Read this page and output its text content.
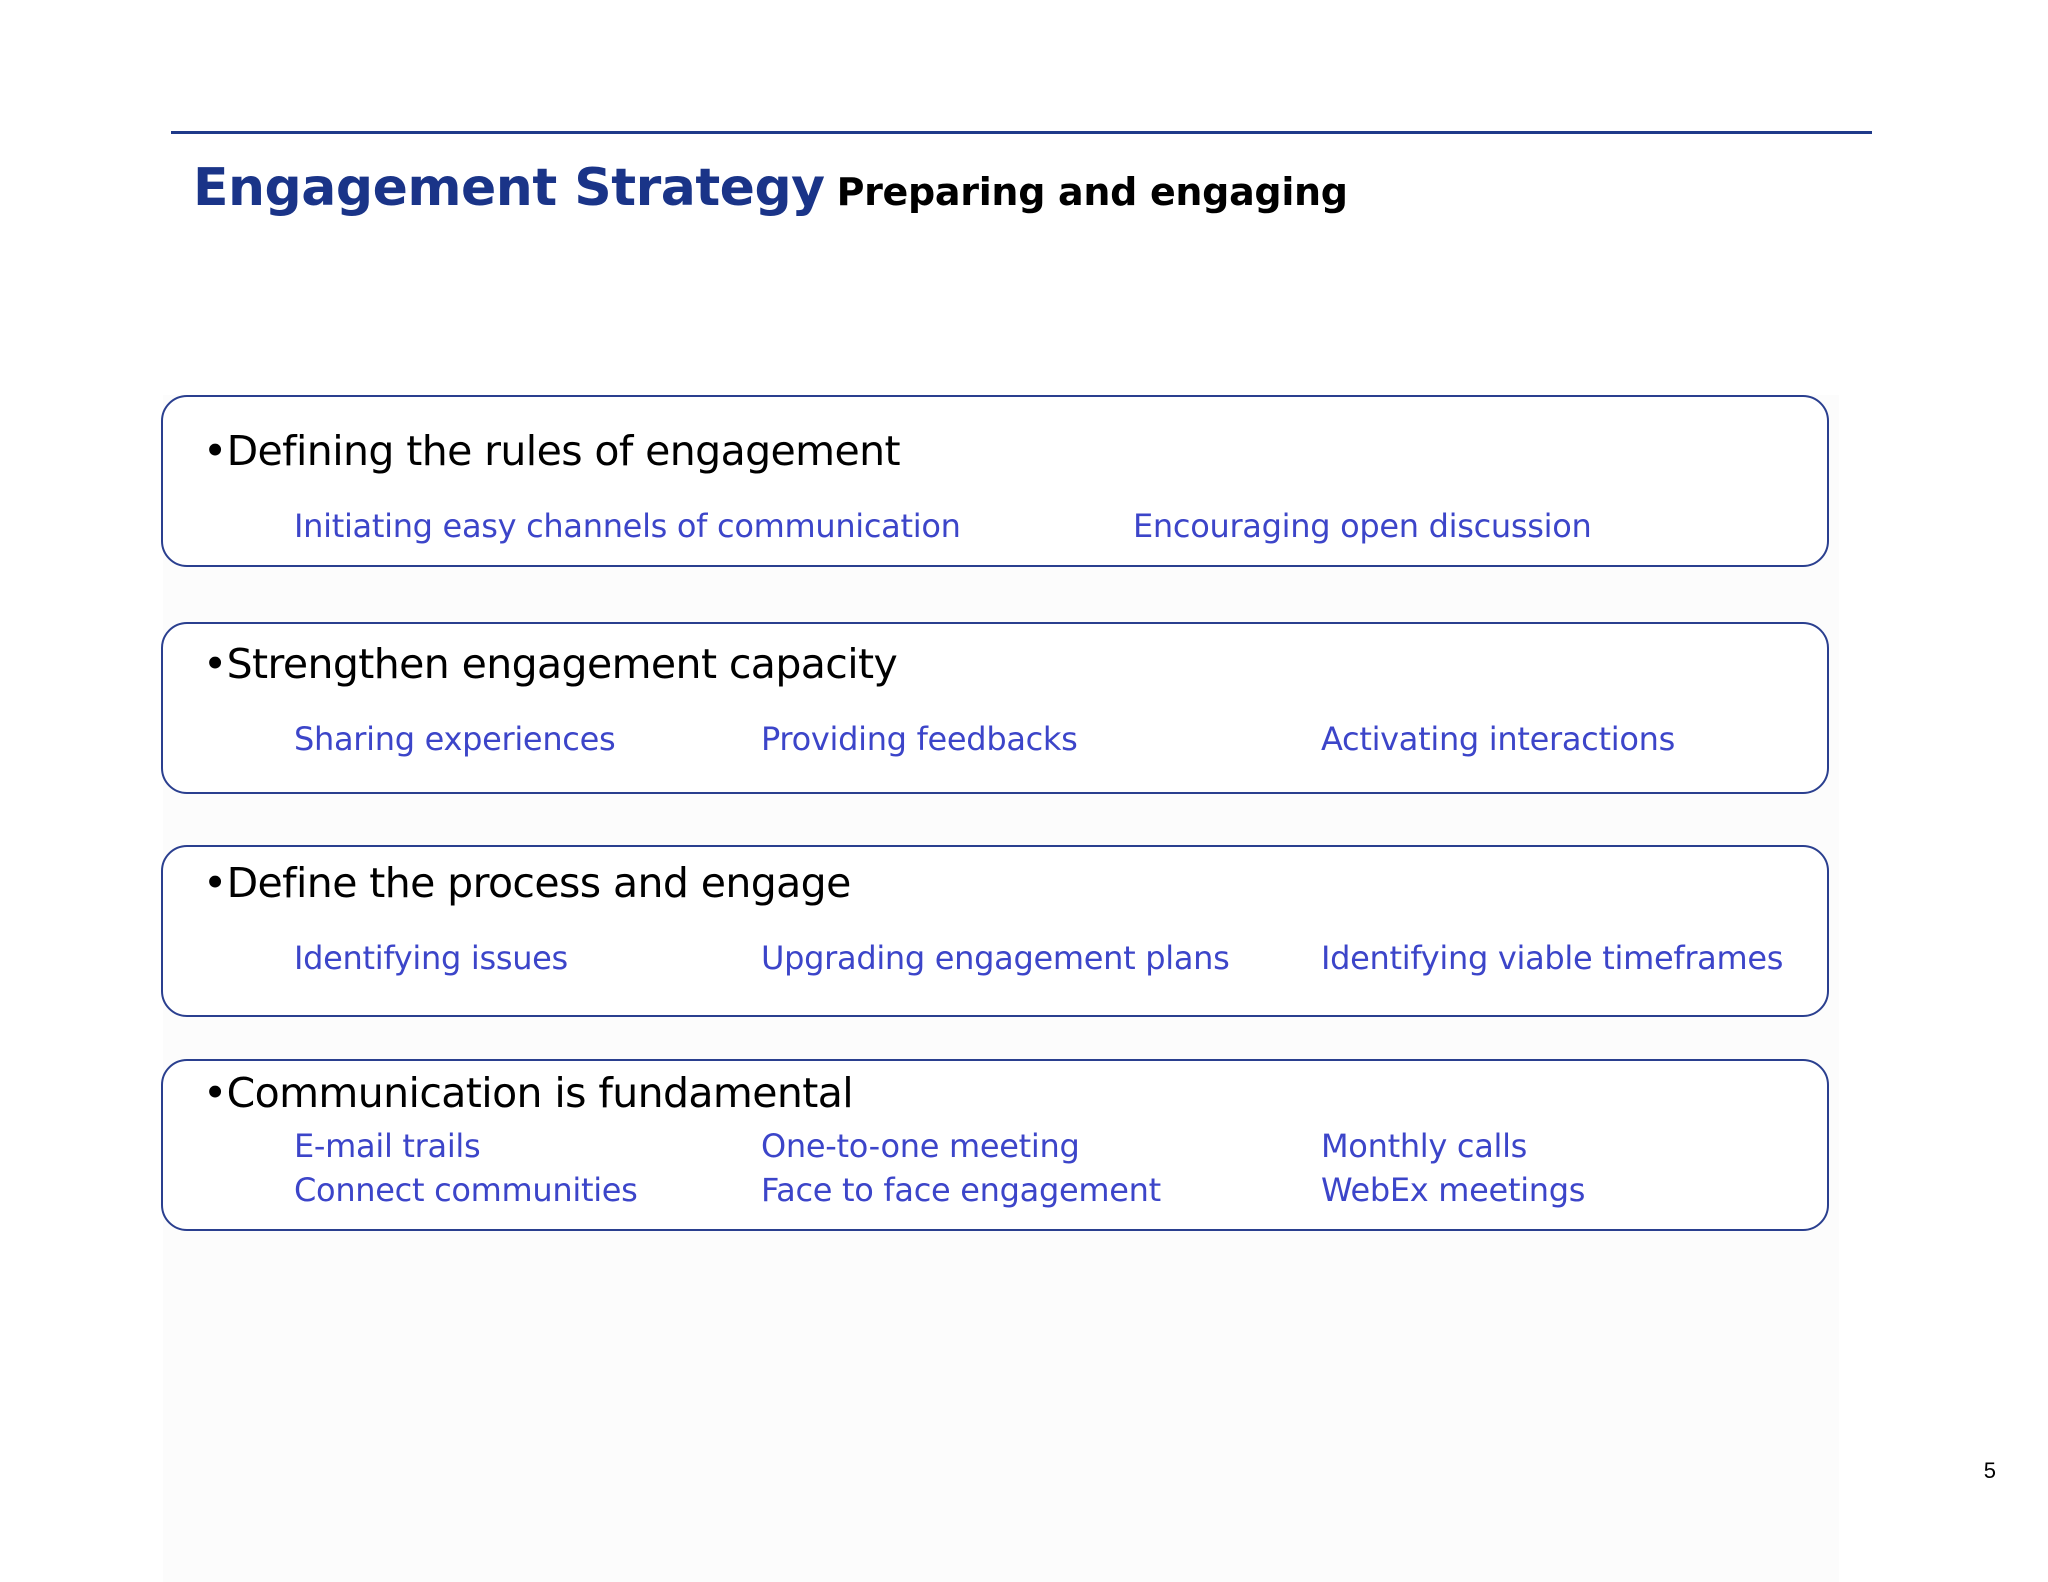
Engagement Strategy Preparing and engaging
•Defining the rules of engagement
Initiating easy channels of communication	Encouraging open discussion
•Strengthen engagement capacity
Sharing experiences	Providing feedbacks	Activating interactions
•Define the process and engage
Identifying issues	Upgrading engagement plans	Identifying viable timeframes
•Communication is fundamental
E-mail trails	One-to-one meeting	Monthly calls
Connect communities	Face to face engagement	WebEx meetings
5
